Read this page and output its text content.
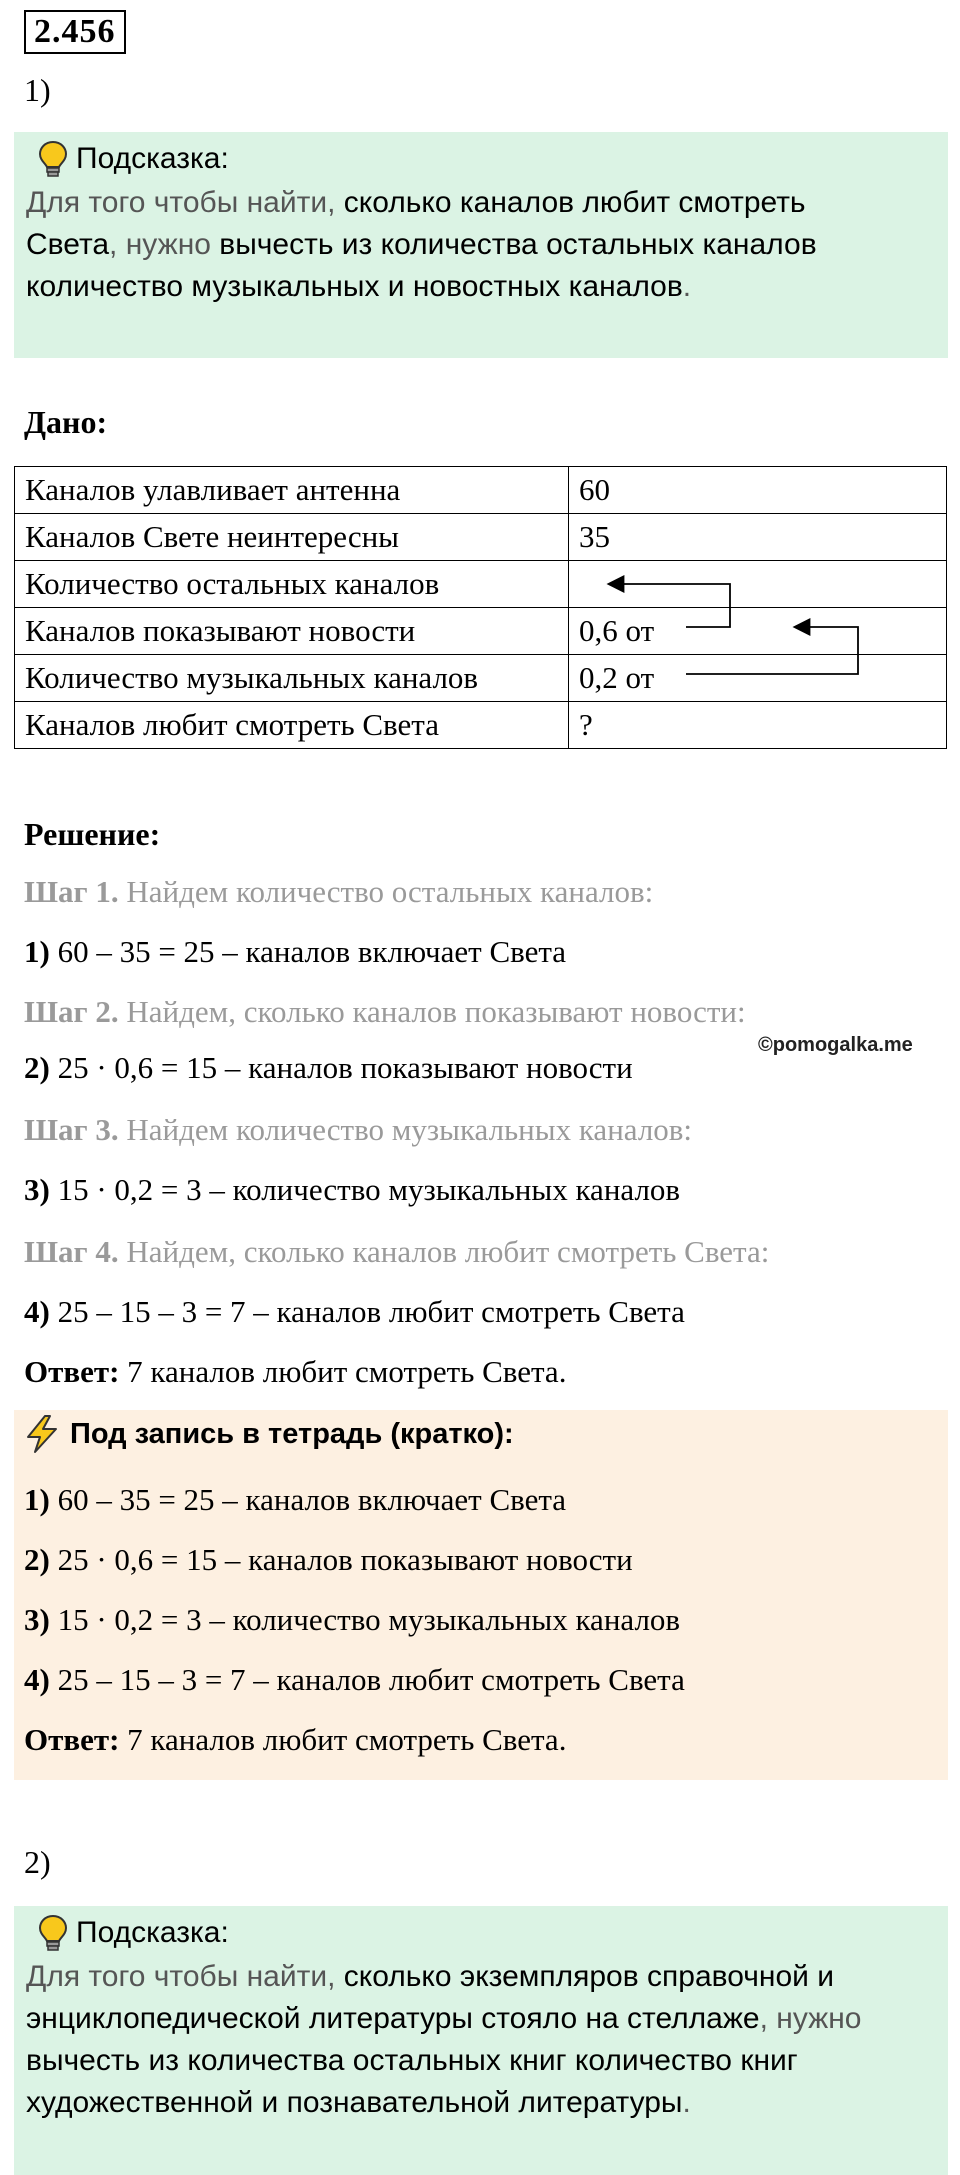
2.456
1)
Подсказка:
Для того чтобы найти, сколько каналов любит смотреть
Света, нужно вычесть из количества остальных каналов
количество музыкальных и новостных каналов.
Дано:
Каналов улавливает антенна	60
Каналов Свете неинтересны	35
Количество остальных каналов	
Каналов показывают новости	0,6 от
Количество музыкальных каналов	0,2 от
Каналов любит смотреть Света	?
Решение:
Шаг 1. Найдем количество остальных каналов:
1) 60 – 35 = 25 – каналов включает Света
Шаг 2. Найдем, сколько каналов показывают новости:
©pomogalka.me
2) 25 · 0,6 = 15 – каналов показывают новости
Шаг 3. Найдем количество музыкальных каналов:
3) 15 · 0,2 = 3 – количество музыкальных каналов
Шаг 4. Найдем, сколько каналов любит смотреть Света:
4) 25 – 15 – 3 = 7 – каналов любит смотреть Света
Ответ: 7 каналов любит смотреть Света.
Под запись в тетрадь (кратко):
1) 60 – 35 = 25 – каналов включает Света
2) 25 · 0,6 = 15 – каналов показывают новости
3) 15 · 0,2 = 3 – количество музыкальных каналов
4) 25 – 15 – 3 = 7 – каналов любит смотреть Света
Ответ: 7 каналов любит смотреть Света.
2)
Подсказка:
Для того чтобы найти, сколько экземпляров справочной и
энциклопедической литературы стояло на стеллаже, нужно
вычесть из количества остальных книг количество книг
художественной и познавательной литературы.
